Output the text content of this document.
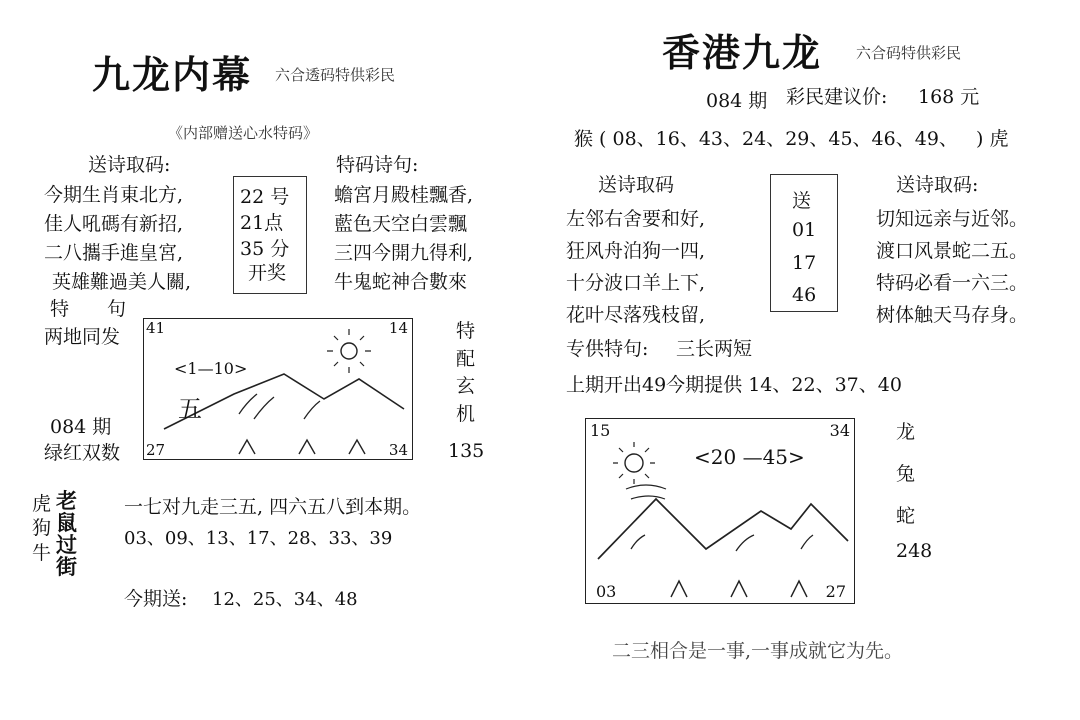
九龙内幕 六合透码特供彩民
《内部赠送心水特码》
送诗取码:
今期生肖東北方,
佳人吼碼有新招,
二八攜手進皇宮,
英雄難過美人關,
22 号
21点
35 分
开奖
特码诗句:
蟾宮月殿桂飄香,
藍色天空白雲飄
三四今開九得利,
牛鬼蛇神合數來
特 句
两地同发 41	14
27	34
<1—10>
五
特
配
玄
机
084 期
绿红双数	135
虎
狗
牛
老
鼠
过
街
一七对九走三五, 四六五八到本期。
03、09、13、17、28、33、39
今期送: 12、25、34、48
香港九龙 六合码特供彩民
084 期 彩民建议价: 168 元
猴 ( 08、16、43、24、29、45、46、49、   ) 虎
送诗取码	送诗取码:
送
01
17
46
左邻右舍要和好,
狂风舟泊狗一四,
十分波口羊上下,
花叶尽落残枝留,
切知远亲与近邻。
渡口风景蛇二五。
特码必看一六三。
树体触天马存身。
专供特句: 三长两短
上期开出49今期提供 14、22、37、40
15	34
03	27
<20 —45>
龙
兔
蛇
248
二三相合是一事,一事成就它为先。
